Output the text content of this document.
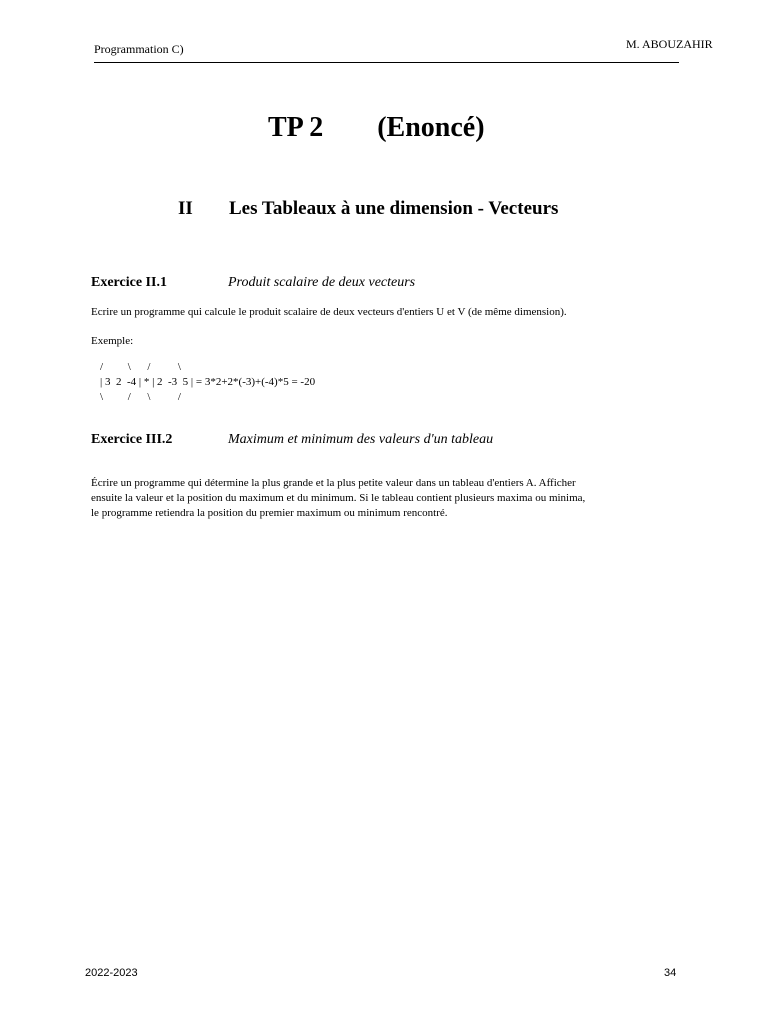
Programmation C)	M. ABOUZAHIR
TP 2 (Enoncé)
II Les Tableaux à une dimension - Vecteurs
Exercice II.1	Produit scalaire de deux vecteurs
Ecrire un programme qui calcule le produit scalaire de deux vecteurs d'entiers U et V (de même dimension).
Exemple:
/         \      /          \
| 3  2  -4 | * | 2  -3  5 | = 3*2+2*(-3)+(-4)*5 = -20
\         /      \          /
Exercice III.2	Maximum et minimum des valeurs d'un tableau
Écrire un programme qui détermine la plus grande et la plus petite valeur dans un tableau d'entiers A. Afficher
ensuite la valeur et la position du maximum et du minimum. Si le tableau contient plusieurs maxima ou minima,
le programme retiendra la position du premier maximum ou minimum rencontré.
2022-2023	34
